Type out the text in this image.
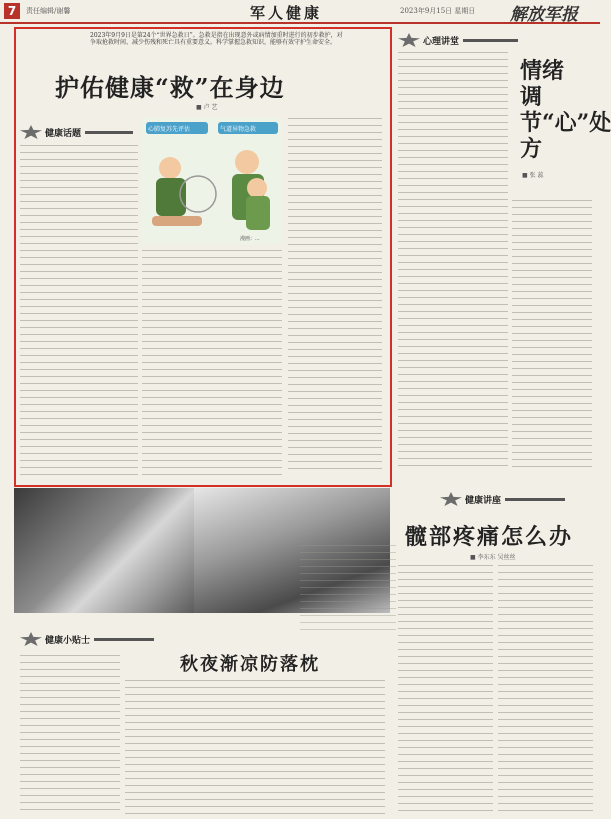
7	责任编辑/谢馨	军人健康	2023年9月15日 星期日 解放军报
2023年9月9日是第24个“世界急救日”。急救是指在出现意外或病情加重时进行的初步救护，对争取抢救时间、减少伤残和死亡具有重要意义。科学掌握急救知识，能够有效守护生命安全。
护佑健康“救”在身边
■ 卢 艺
健康话题	心肺复苏先评估	气道异物急救
漫画：...
健康小贴士
秋夜渐凉防落枕
心理讲堂
情绪调节“心”处方
■ 张 蕊
健康讲座
髋部疼痛怎么办
■ 李东东 吴丝丝
